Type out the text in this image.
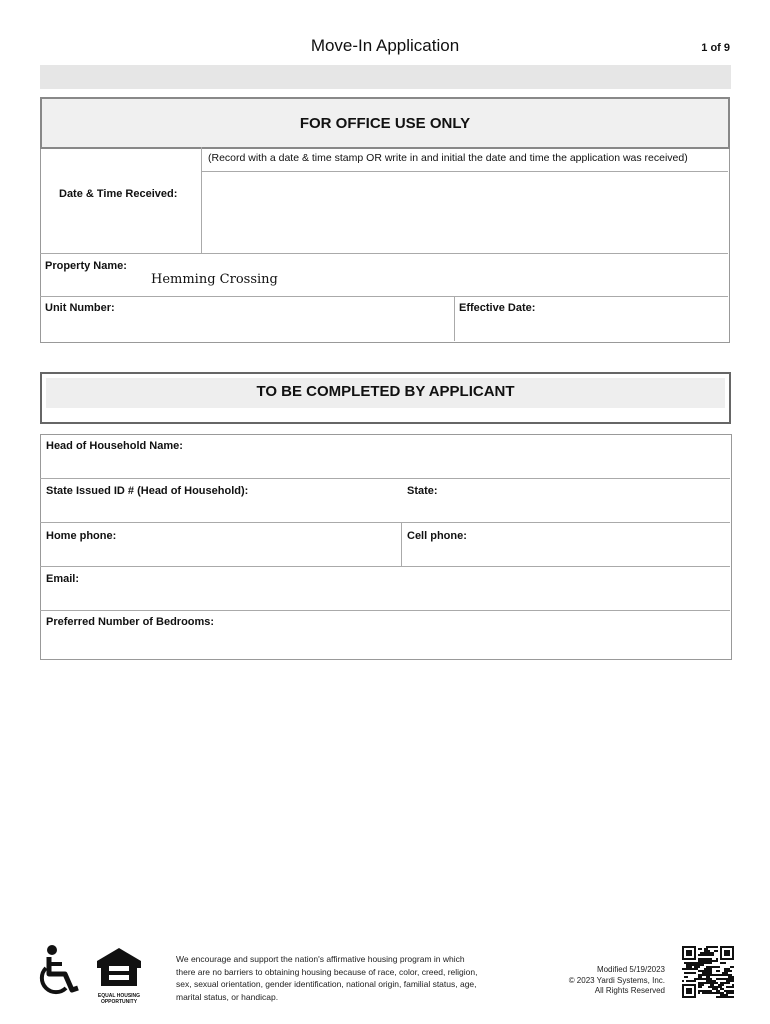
Move-In Application	1 of 9
FOR OFFICE USE ONLY
(Record with a date & time stamp OR write in and initial the date and time the application was received)
Date & Time Received:
Property Name:
Hemming Crossing
Unit Number:	Effective Date:
TO BE COMPLETED BY APPLICANT
Head of Household Name:
State Issued ID # (Head of Household):	State:
Home phone:	Cell phone:
Email:
Preferred Number of Bedrooms:
EQUAL HOUSING
OPPORTUNITY
We encourage and support the nation's affirmative housing program in which there are no barriers to obtaining housing because of race, color, creed, religion, sex, sexual orientation, gender identification, national origin, familial status, age, marital status, or handicap.
Modified 5/19/2023
© 2023 Yardi Systems, Inc.
All Rights Reserved
